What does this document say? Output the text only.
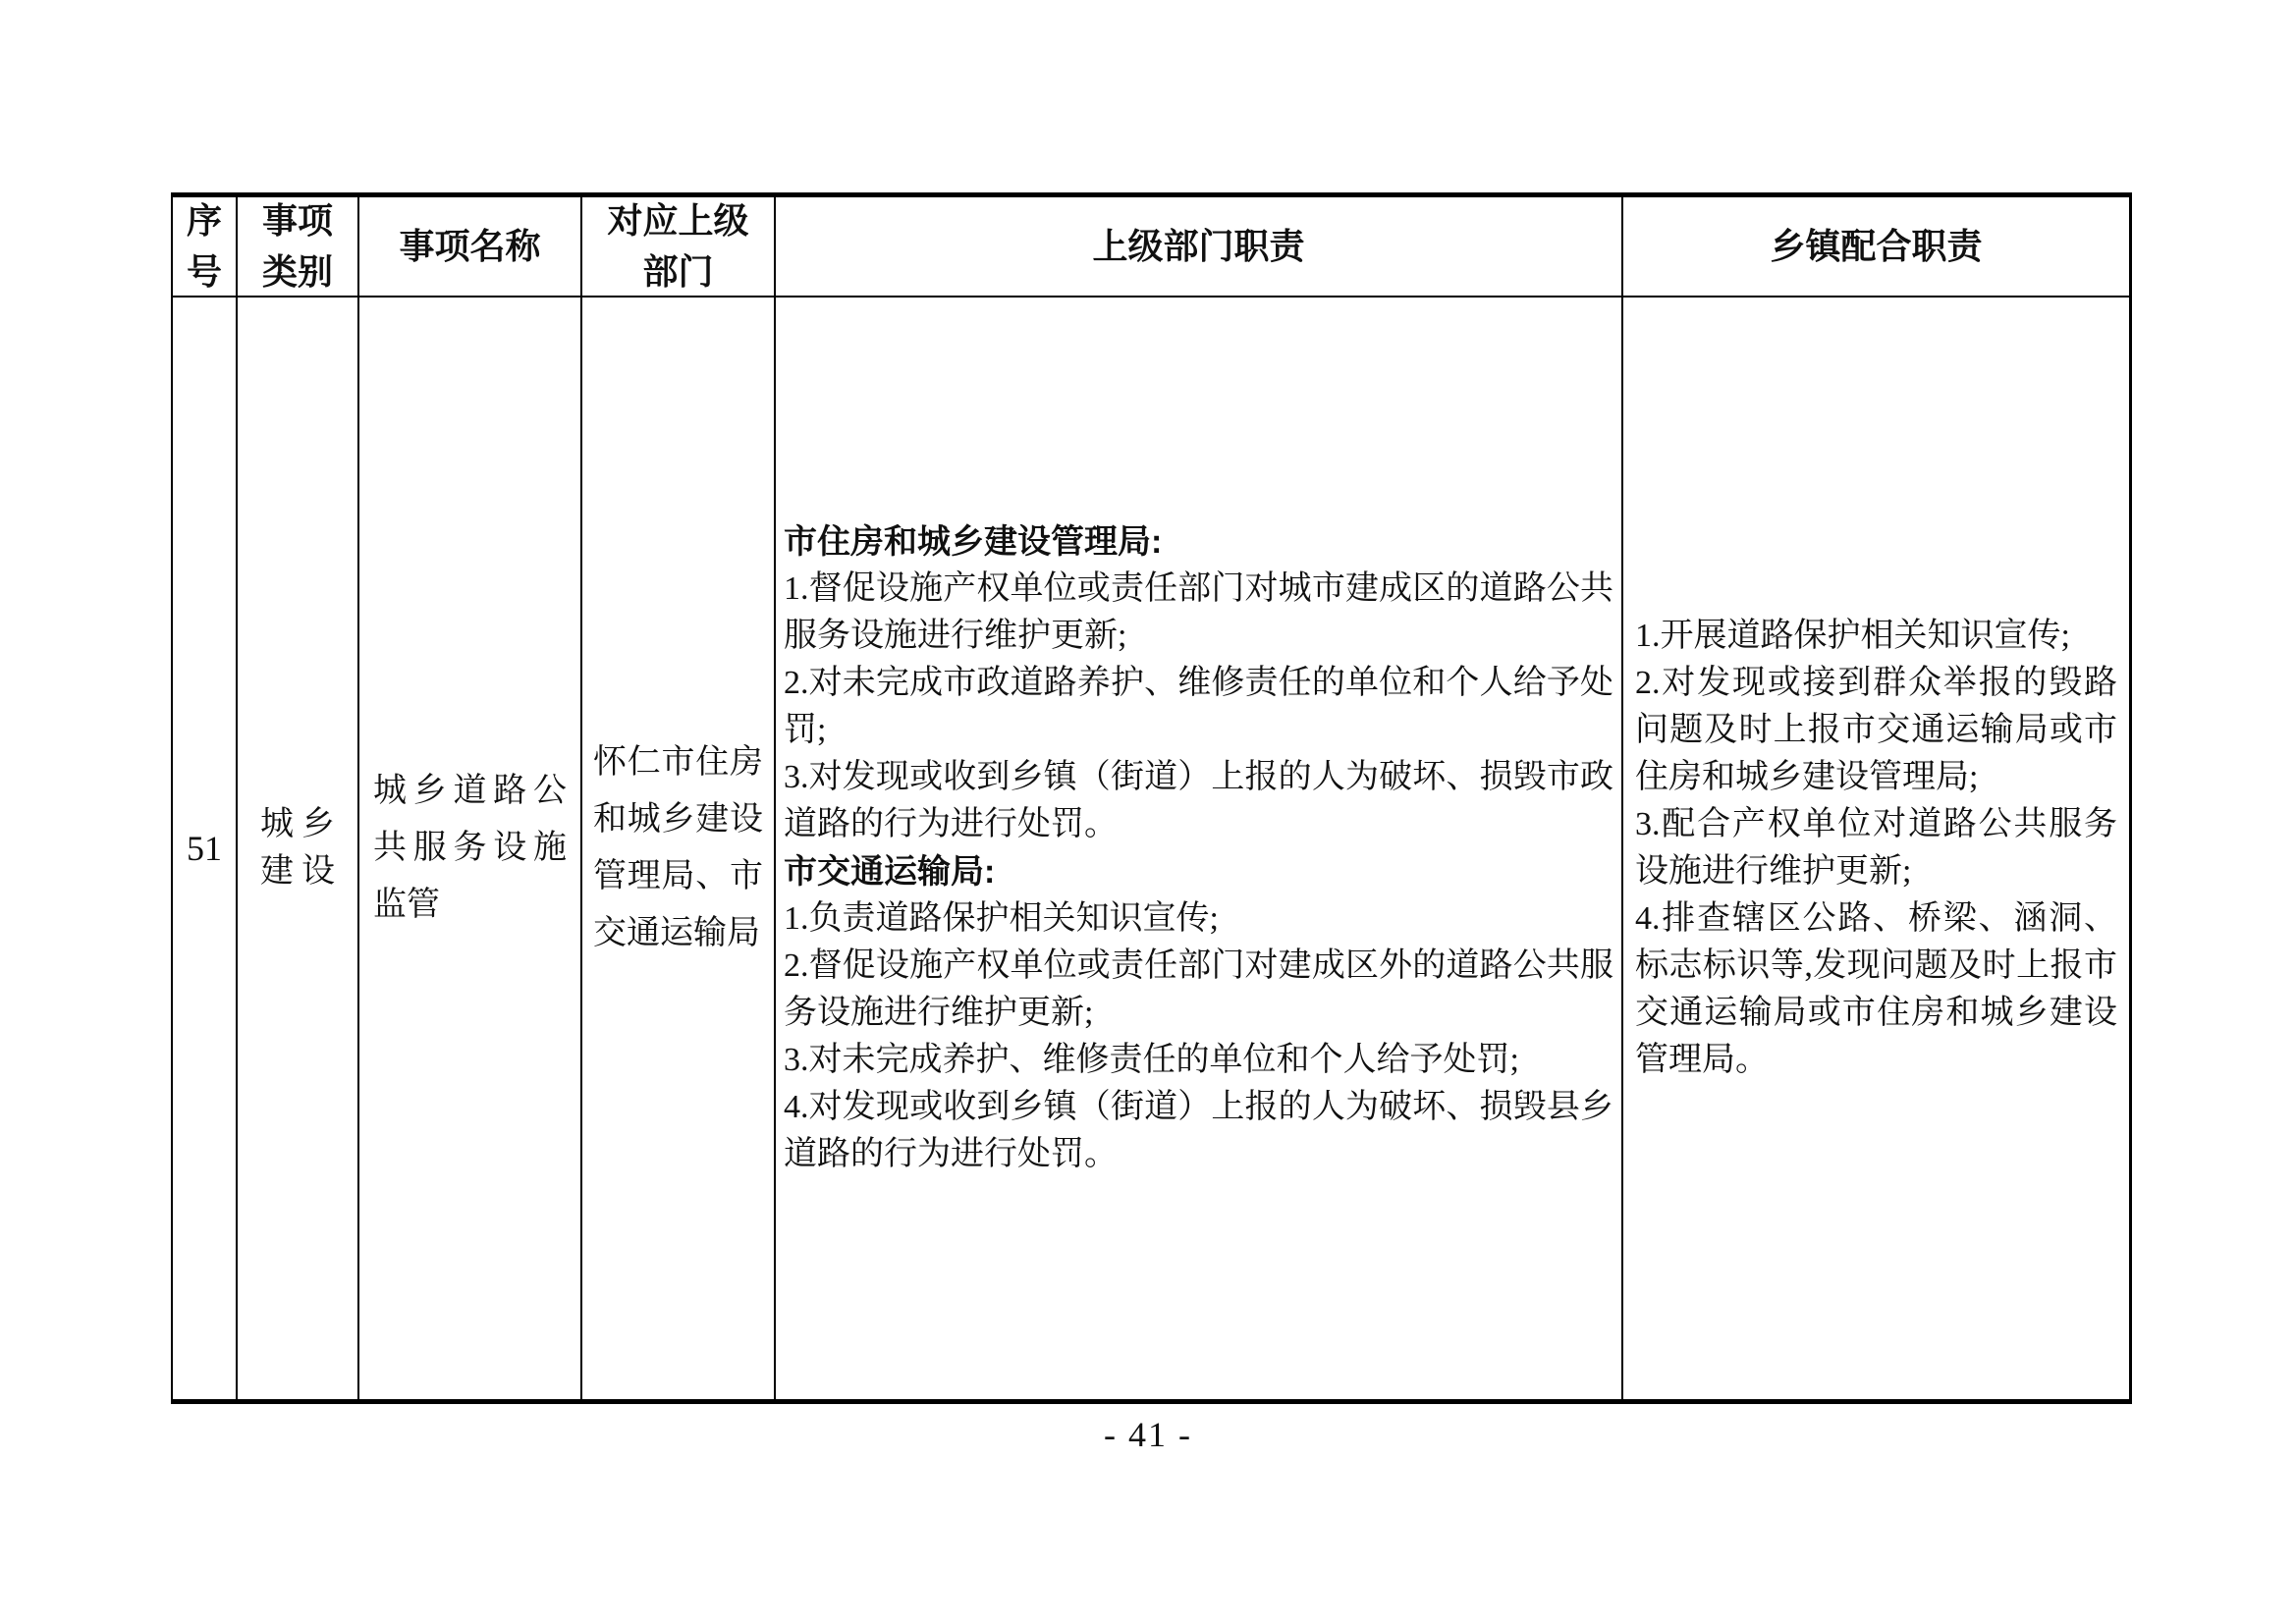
序号
事项类别
事项名称
对应上级部门
上级部门职责	乡镇配合职责
51
城乡建设
城乡道路公共服务设施监管
怀仁市住房和城乡建设管理局、市交通运输局

市住房和城乡建设管理局:

1.督促设施产权单位或责任部门对城市建成区的道路公共服务设施进行维护更新;

2.对未完成市政道路养护、维修责任的单位和个人给予处罚;

3.对发现或收到乡镇（街道）上报的人为破坏、损毁市政道路的行为进行处罚。

市交通运输局:

1.负责道路保护相关知识宣传;

2.督促设施产权单位或责任部门对建成区外的道路公共服务设施进行维护更新;

3.对未完成养护、维修责任的单位和个人给予处罚;

4.对发现或收到乡镇（街道）上报的人为破坏、损毁县乡道路的行为进行处罚。

1.开展道路保护相关知识宣传;

2.对发现或接到群众举报的毁路问题及时上报市交通运输局或市住房和城乡建设管理局;

3.配合产权单位对道路公共服务设施进行维护更新;

4.排查辖区公路、桥梁、涵洞、标志标识等,发现问题及时上报市交通运输局或市住房和城乡建设管理局。

- 41 -
